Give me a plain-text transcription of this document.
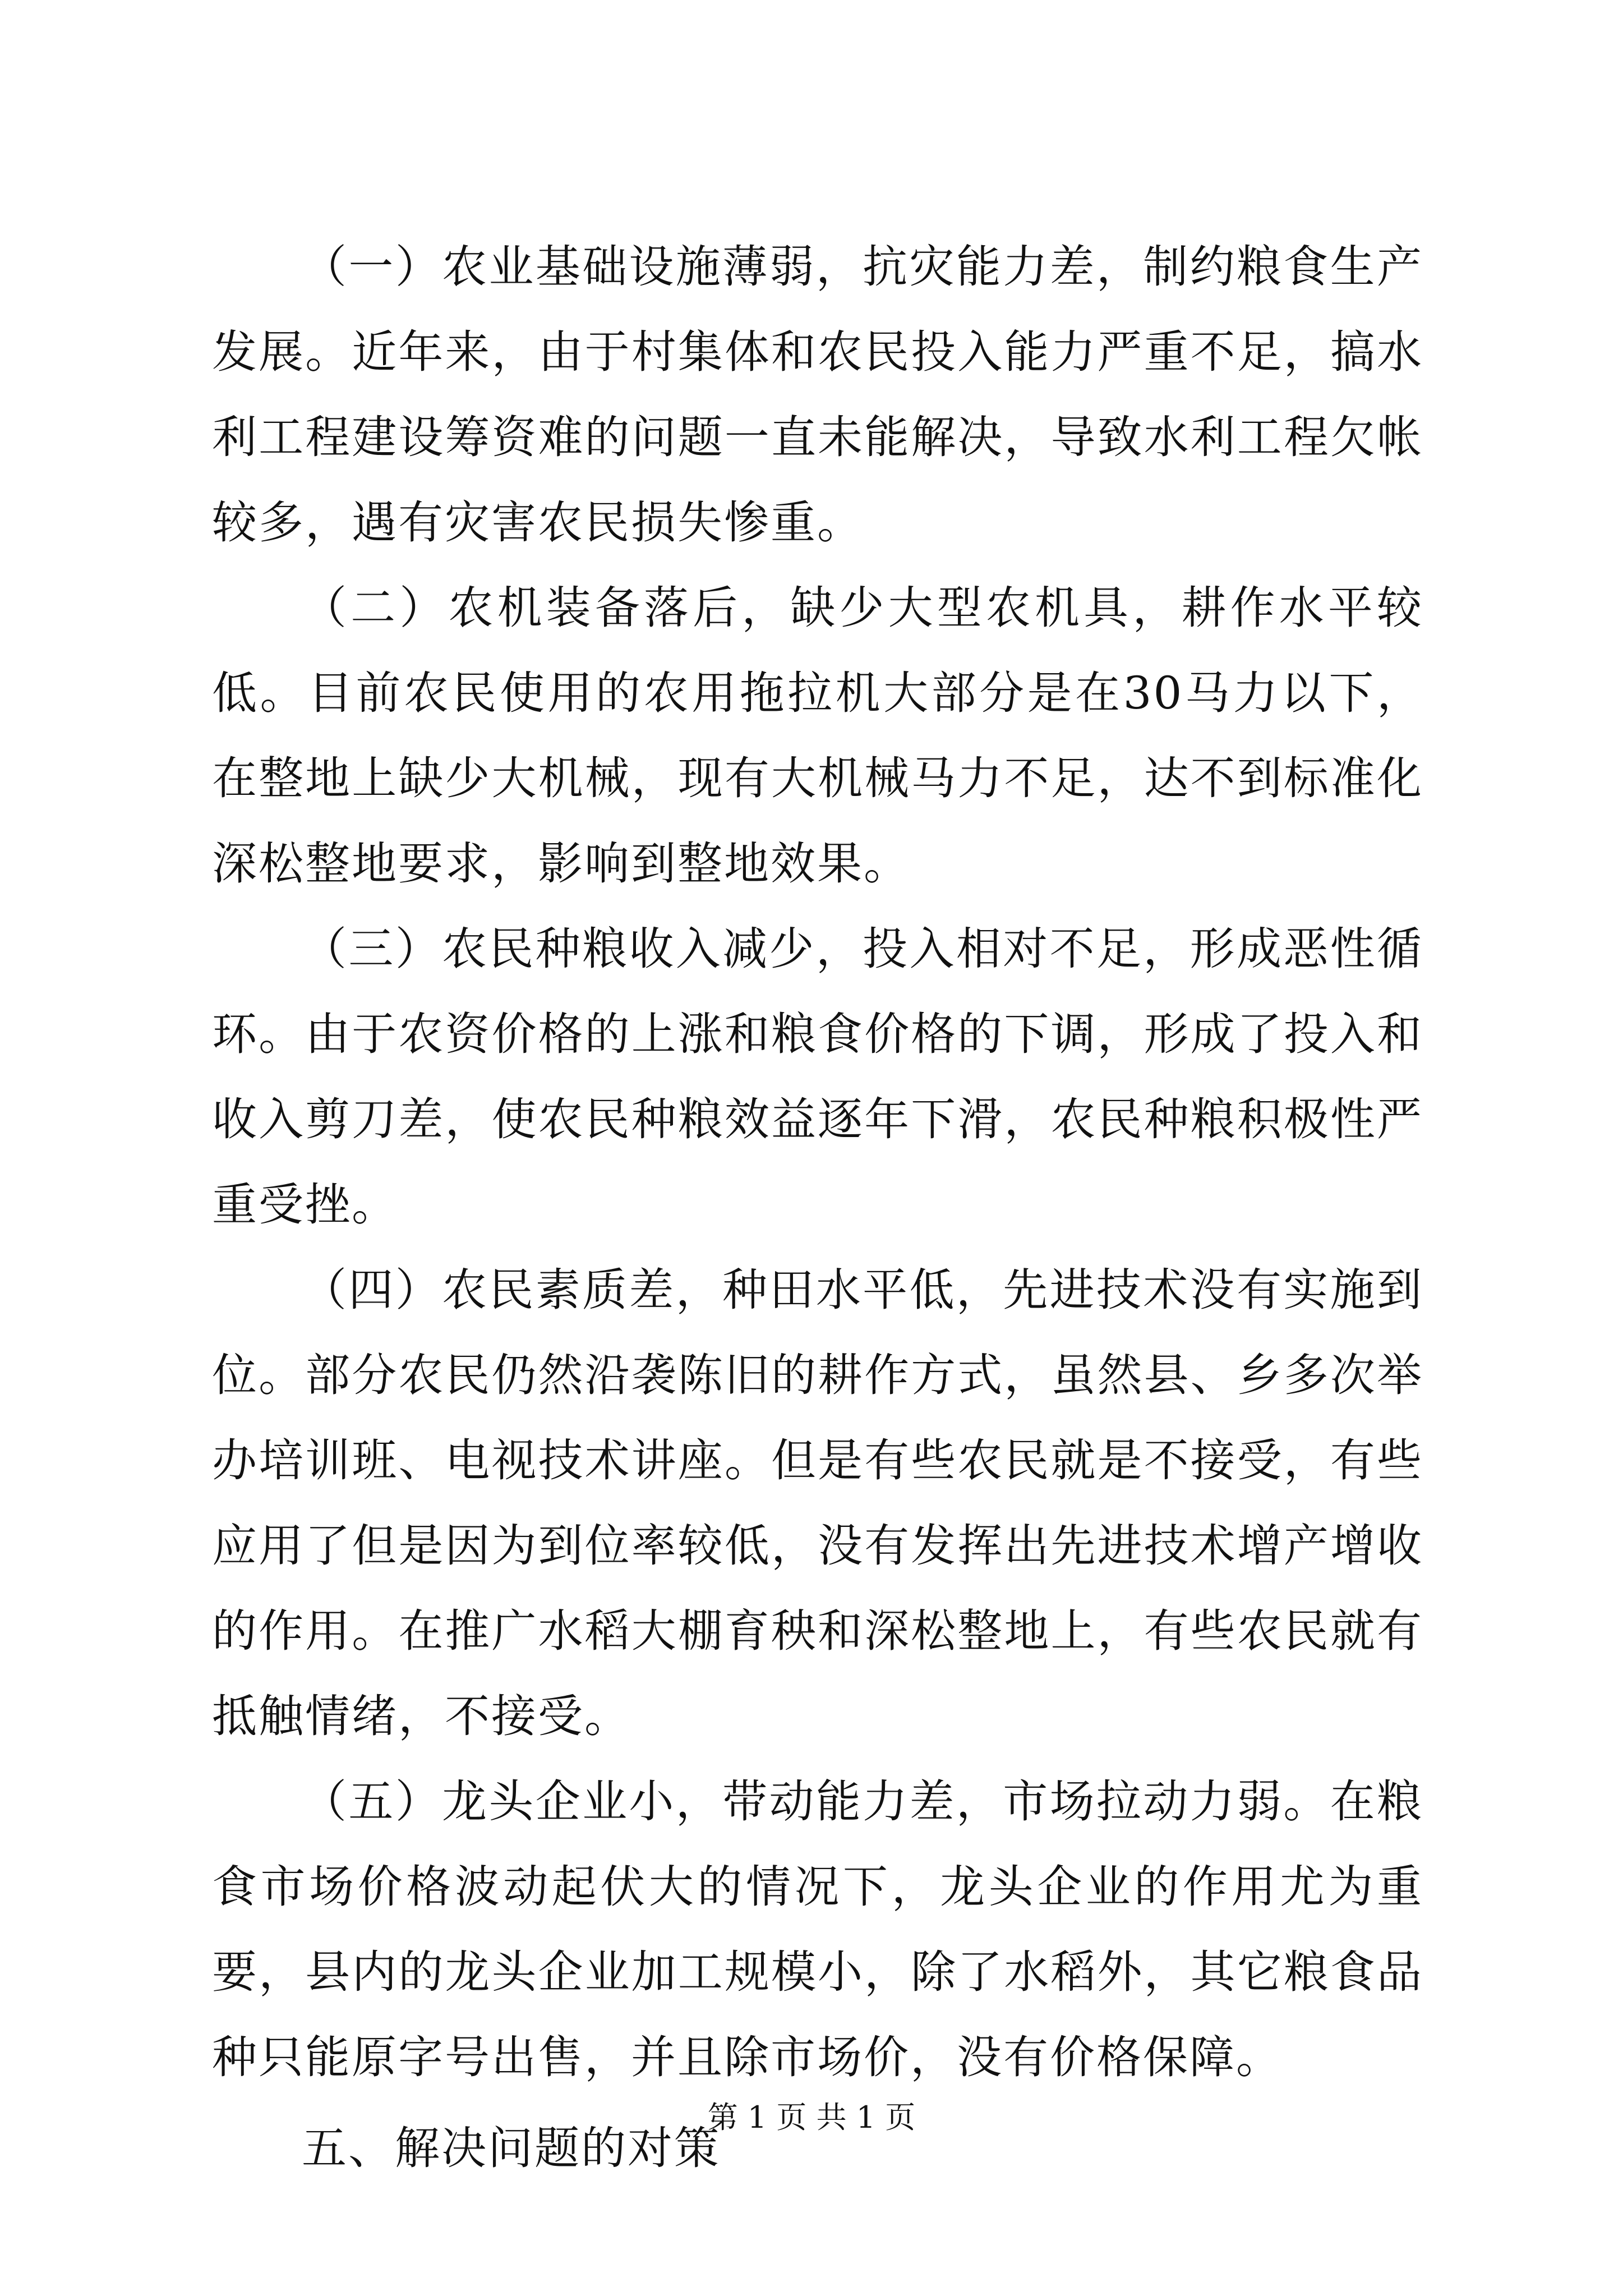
（一）农业基础设施薄弱，抗灾能力差，制约粮食生产发展。近年来，由于村集体和农民投入能力严重不足，搞水利工程建设筹资难的问题一直未能解决，导致水利工程欠帐较多，遇有灾害农民损失惨重。

（二）农机装备落后，缺少大型农机具，耕作水平较低。目前农民使用的农用拖拉机大部分是在30马力以下，在整地上缺少大机械，现有大机械马力不足，达不到标准化深松整地要求，影响到整地效果。

（三）农民种粮收入减少，投入相对不足，形成恶性循环。由于农资价格的上涨和粮食价格的下调，形成了投入和收入剪刀差，使农民种粮效益逐年下滑，农民种粮积极性严重受挫。

（四）农民素质差，种田水平低，先进技术没有实施到位。部分农民仍然沿袭陈旧的耕作方式，虽然县、乡多次举办培训班、电视技术讲座。但是有些农民就是不接受，有些应用了但是因为到位率较低，没有发挥出先进技术增产增收的作用。在推广水稻大棚育秧和深松整地上，有些农民就有抵触情绪，不接受。

（五）龙头企业小，带动能力差，市场拉动力弱。在粮食市场价格波动起伏大的情况下，龙头企业的作用尤为重要，县内的龙头企业加工规模小，除了水稻外，其它粮食品种只能原字号出售，并且除市场价，没有价格保障。

五、解决问题的对策

第 1 页 共 1 页
